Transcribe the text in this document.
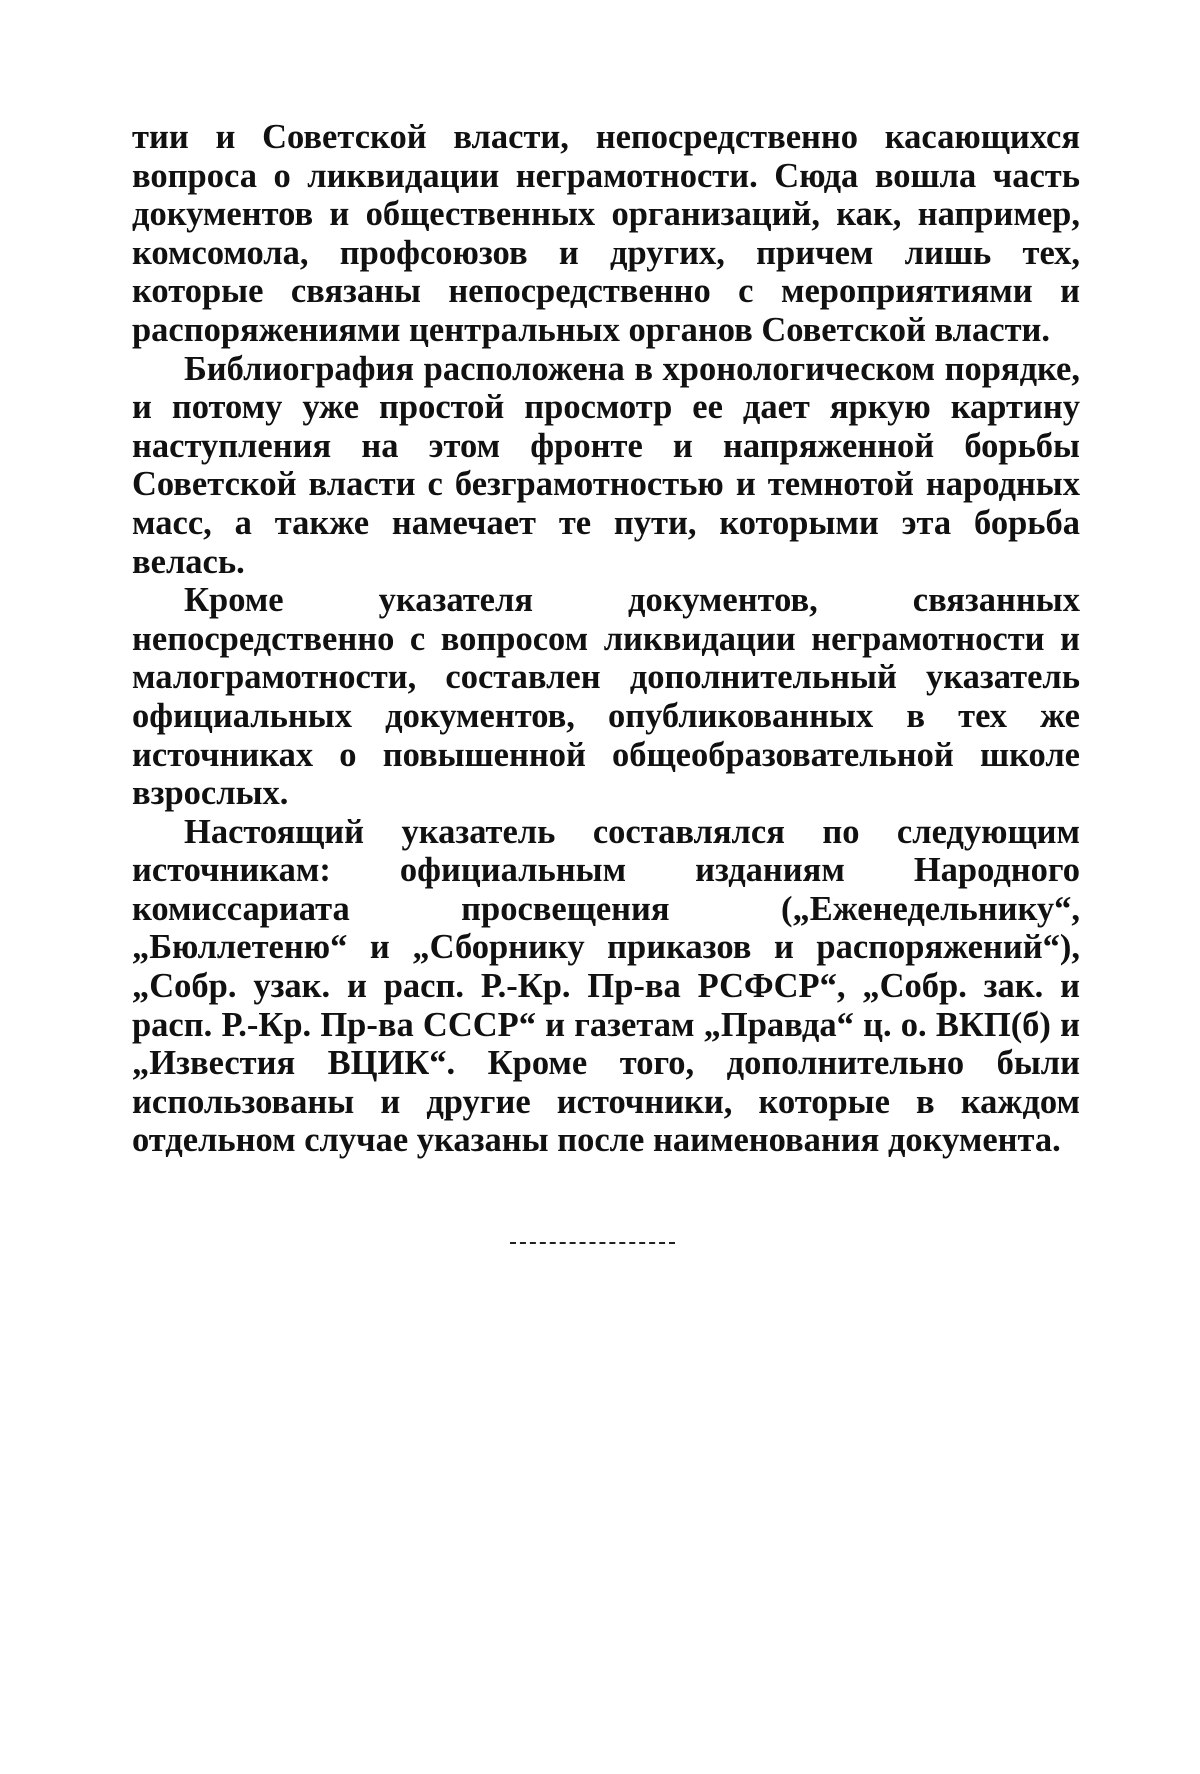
тии и Советской власти, непосредственно касающихся вопроса о ликвидации неграмотности. Сюда вошла часть документов и общественных организаций, как, например, комсомола, профсоюзов и других, причем лишь тех, которые связаны непосредственно с мероприятиями и распоряжениями центральных органов Советской власти.

Библиография расположена в хронологическом порядке, и потому уже простой просмотр ее дает яркую картину наступления на этом фронте и напряженной борьбы Советской власти с безграмотностью и темнотой народных масс, а также намечает те пути, которыми эта борьба велась.

Кроме указателя документов, связанных непосредственно с вопросом ликвидации неграмотности и малограмотности, составлен дополнительный указатель официальных документов, опубликованных в тех же источниках о повышенной общеобразовательной школе взрослых.

Настоящий указатель составлялся по следующим источникам: официальным изданиям Народного комиссариата просвещения („Еженедельнику“, „Бюллетеню“ и „Сборнику приказов и распоряжений“), „Собр. узак. и расп. Р.-Кр. Пр-ва РСФСР“, „Собр. зак. и расп. Р.-Кр. Пр-ва СССР“ и газетам „Правда“ ц. о. ВКП(б) и „Известия ВЦИК“. Кроме того, дополнительно были использованы и другие источники, которые в каждом отдельном случае указаны после наименования документа.
